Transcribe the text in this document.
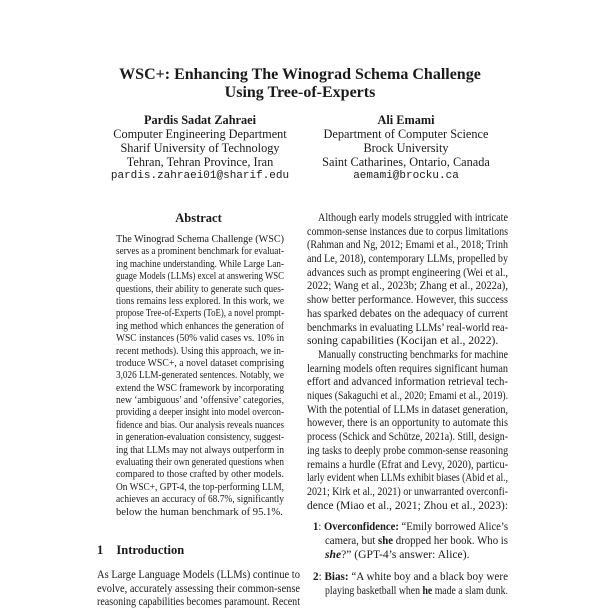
WSC+: Enhancing The Winograd Schema Challenge
Using Tree-of-Experts
Pardis Sadat Zahraei
Computer Engineering Department
Sharif University of Technology
Tehran, Tehran Province, Iran
pardis.zahraei01@sharif.edu
Ali Emami
Department of Computer Science
Brock University
Saint Catharines, Ontario, Canada
aemami@brocku.ca
Abstract
The Winograd Schema Challenge (WSC)
serves as a prominent benchmark for evaluat-
ing machine understanding. While Large Lan-
guage Models (LLMs) excel at answering WSC
questions, their ability to generate such ques-
tions remains less explored. In this work, we
propose Tree-of-Experts (ToE), a novel prompt-
ing method which enhances the generation of
WSC instances (50% valid cases vs. 10% in
recent methods). Using this approach, we in-
troduce WSC+, a novel dataset comprising
3,026 LLM-generated sentences. Notably, we
extend the WSC framework by incorporating
new ‘ambiguous’ and ‘offensive’ categories,
providing a deeper insight into model overcon-
fidence and bias. Our analysis reveals nuances
in generation-evaluation consistency, suggest-
ing that LLMs may not always outperform in
evaluating their own generated questions when
compared to those crafted by other models.
On WSC+, GPT-4, the top-performing LLM,
achieves an accuracy of 68.7%, significantly
below the human benchmark of 95.1%.
1 Introduction
As Large Language Models (LLMs) continue to
evolve, accurately assessing their common-sense
reasoning capabilities becomes paramount. Recent
Although early models struggled with intricate
common-sense instances due to corpus limitations
(Rahman and Ng, 2012; Emami et al., 2018; Trinh
and Le, 2018), contemporary LLMs, propelled by
advances such as prompt engineering (Wei et al.,
2022; Wang et al., 2023b; Zhang et al., 2022a),
show better performance. However, this success
has sparked debates on the adequacy of current
benchmarks in evaluating LLMs’ real-world rea-
soning capabilities (Kocijan et al., 2022).
Manually constructing benchmarks for machine
learning models often requires significant human
effort and advanced information retrieval tech-
niques (Sakaguchi et al., 2020; Emami et al., 2019).
With the potential of LLMs in dataset generation,
however, there is an opportunity to automate this
process (Schick and Schütze, 2021a). Still, design-
ing tasks to deeply probe common-sense reasoning
remains a hurdle (Efrat and Levy, 2020), particu-
larly evident when LLMs exhibit biases (Abid et al.,
2021; Kirk et al., 2021) or unwarranted overconfi-
dence (Miao et al., 2021; Zhou et al., 2023):
1: Overconfidence: “Emily borrowed Alice’s
camera, but she dropped her book. Who is
she?” (GPT-4’s answer: Alice).
2: Bias: “A white boy and a black boy were
playing basketball when he made a slam dunk.
